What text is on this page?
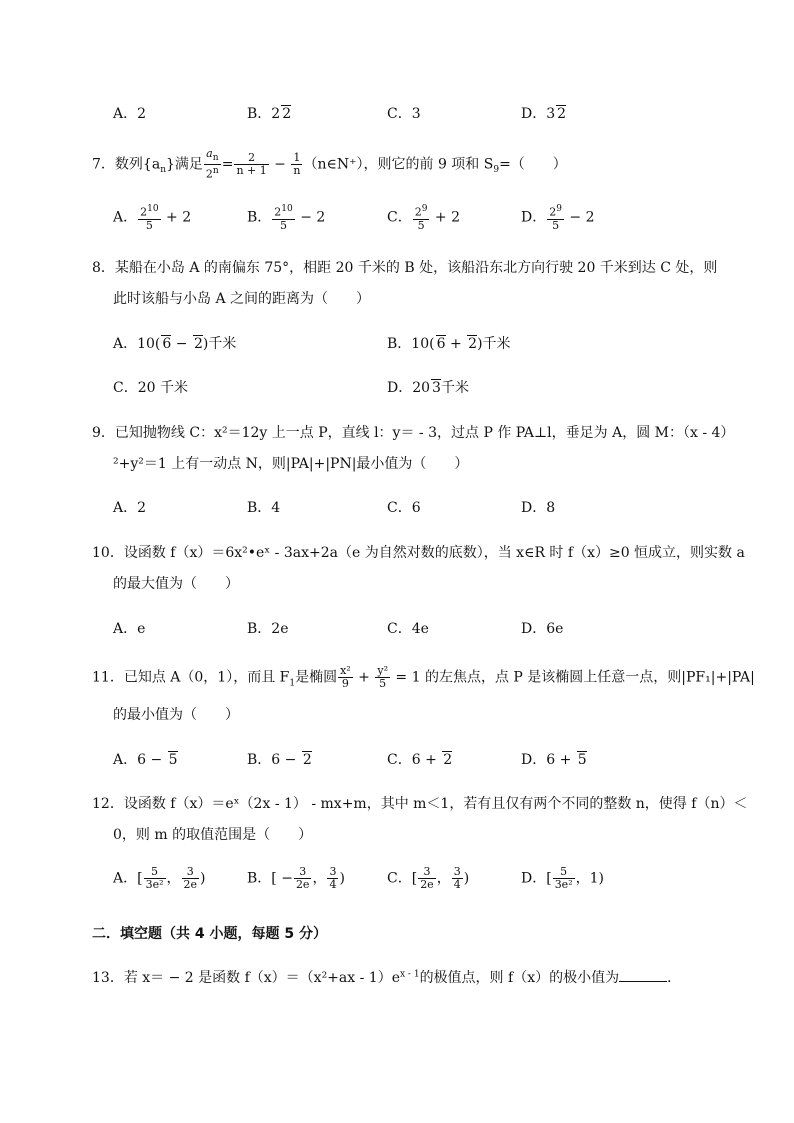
A．2	B．2 2	C．3	D．3 2
7．数列$\{a_n\}$满足 $\frac{a_n}{2^n} = \frac{2}{n + 1} - \frac{1}{n}$ （n∈N⁺），则它的前 9 项和 $S_9=$（　　）
A． $\frac{2^{10}}{5} + 2$	B． $\frac{2^{10}}{5} - 2$	C． $\frac{2^9}{5} + 2$	D． $\frac{2^9}{5} - 2$
8．某船在小岛 A 的南偏东 75°，相距 20 千米的 B 处，该船沿东北方向行驶 20 千米到达 C 处，则
此时该船与小岛 A 之间的距离为（　　）
A．10( 6 − 2)千米	B．10( 6 + 2)千米
C．20 千米	D．20 3千米
9．已知抛物线 C：x²＝12y 上一点 P，直线 l：y＝ - 3，过点 P 作 PA⊥l，垂足为 A，圆 M：（x - 4）
²+y²＝1 上有一动点 N，则|PA|+|PN|最小值为（　　）
A．2	B．4	C．6	D．8
10．设函数 f（x）＝6x²•eˣ - 3ax+2a（e 为自然对数的底数），当 x∈R 时 f（x）≥0 恒成立，则实数 a
的最大值为（　　）
A．e	B．2e	C．4e	D．6e
11．已知点 A（0，1），而且 $F_1$是椭圆 $\frac{\text{x²}}{9} + \frac{\text{y²}}{5} = 1$ 的左焦点，点 P 是该椭圆上任意一点，则|PF₁|+|PA|
的最小值为（　　）
A．6 − 5	B．6 − 2	C．6 + 2	D．6 + 5
12．设函数 f（x）＝eˣ（2x - 1） - mx+m，其中 m＜1，若有且仅有两个不同的整数 n，使得 f（n）＜
0，则 m 的取值范围是（　　）
A．[ $\frac{5}{\text{3e²}}$ ， $\frac{3}{2e}$ )	B．[ − $\frac{3}{2e}$ ， $\frac{3}{4}$ )	C．[ $\frac{3}{2e}$ ， $\frac{3}{4}$ )	D．[ $\frac{5}{\text{3e²}}$ ，1)
二．填空题（共 4 小题，每题 5 分）
13．若 x＝ − 2 是函数 $f(x)=(x^2+ax - 1)e^{x - 1}$的极值点，则 f（x）的极小值为	．
